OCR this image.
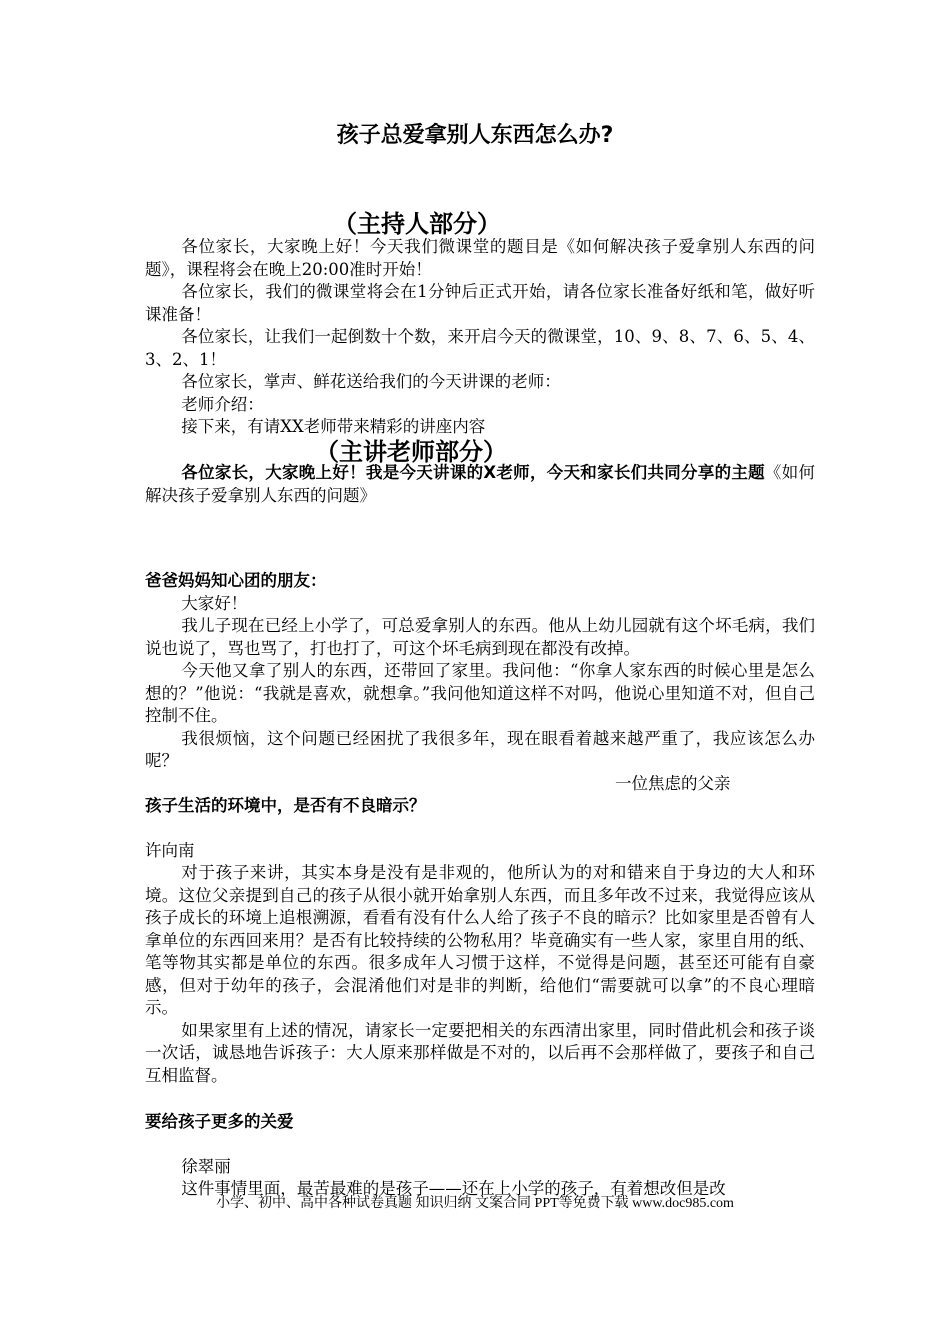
孩子总爱拿别人东西怎么办?
（主持人部分）

各位家长，大家晚上好！今天我们微课堂的题目是《如何解决孩子爱拿别人东西的问题》，课程将会在晚上20:00准时开始！

各位家长，我们的微课堂将会在1分钟后正式开始，请各位家长准备好纸和笔，做好听课准备！

各位家长，让我们一起倒数十个数，来开启今天的微课堂，10、9、8、7、6、5、4、3、2、1！

各位家长，掌声、鲜花送给我们的今天讲课的老师：

老师介绍：

接下来，有请XX老师带来精彩的讲座内容

（主讲老师部分）

各位家长，大家晚上好！我是今天讲课的X老师，今天和家长们共同分享的主题《如何解决孩子爱拿别人东西的问题》

爸爸妈妈知心团的朋友：

大家好！

我儿子现在已经上小学了，可总爱拿别人的东西。他从上幼儿园就有这个坏毛病，我们说也说了，骂也骂了，打也打了，可这个坏毛病到现在都没有改掉。

今天他又拿了别人的东西，还带回了家里。我问他：“你拿人家东西的时候心里是怎么想的？”他说：“我就是喜欢，就想拿。”我问他知道这样不对吗，他说心里知道不对，但自己控制不住。

我很烦恼，这个问题已经困扰了我很多年，现在眼看着越来越严重了，我应该怎么办呢？

一位焦虑的父亲

孩子生活的环境中，是否有不良暗示？

许向南

对于孩子来讲，其实本身是没有是非观的，他所认为的对和错来自于身边的大人和环境。这位父亲提到自己的孩子从很小就开始拿别人东西，而且多年改不过来，我觉得应该从孩子成长的环境上追根溯源，看看有没有什么人给了孩子不良的暗示？比如家里是否曾有人拿单位的东西回来用？是否有比较持续的公物私用？毕竟确实有一些人家，家里自用的纸、笔等物其实都是单位的东西。很多成年人习惯于这样，不觉得是问题，甚至还可能有自豪感，但对于幼年的孩子，会混淆他们对是非的判断，给他们“需要就可以拿”的不良心理暗示。

如果家里有上述的情况，请家长一定要把相关的东西清出家里，同时借此机会和孩子谈一次话，诚恳地告诉孩子：大人原来那样做是不对的，以后再不会那样做了，要孩子和自己互相监督。

要给孩子更多的关爱

徐翠丽

这件事情里面，最苦最难的是孩子——还在上小学的孩子，有着想改但是改

小学、初中、高中各种试卷真题 知识归纳 文案合同 PPT等免费下载 www.doc985.com
